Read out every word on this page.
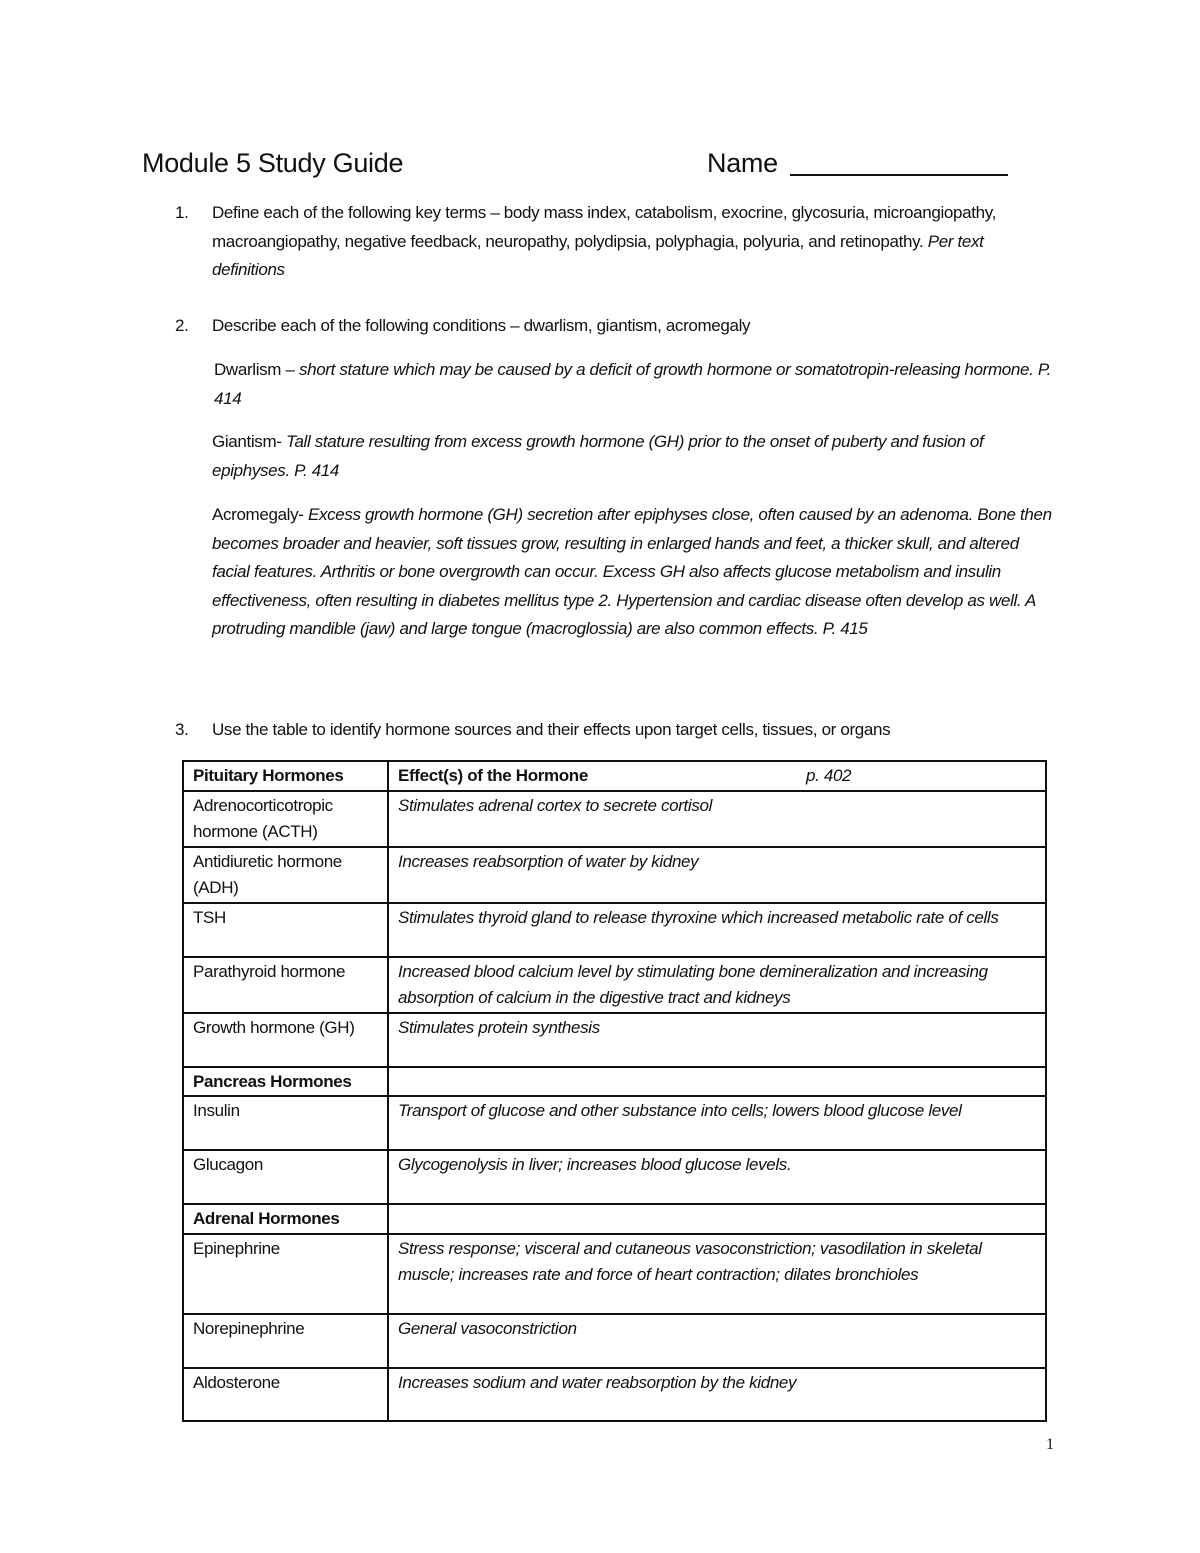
Module 5 Study Guide	Name
1. Define each of the following key terms – body mass index, catabolism, exocrine, glycosuria, microangiopathy, macroangiopathy, negative feedback, neuropathy, polydipsia, polyphagia, polyuria, and retinopathy. Per text definitions
2. Describe each of the following conditions – dwarlism, giantism, acromegaly
Dwarlism – short stature which may be caused by a deficit of growth hormone or somatotropin-releasing hormone. P. 414
Giantism- Tall stature resulting from excess growth hormone (GH) prior to the onset of puberty and fusion of epiphyses. P. 414
Acromegaly- Excess growth hormone (GH) secretion after epiphyses close, often caused by an adenoma. Bone then becomes broader and heavier, soft tissues grow, resulting in enlarged hands and feet, a thicker skull, and altered facial features. Arthritis or bone overgrowth can occur. Excess GH also affects glucose metabolism and insulin effectiveness, often resulting in diabetes mellitus type 2. Hypertension and cardiac disease often develop as well. A protruding mandible (jaw) and large tongue (macroglossia) are also common effects. P. 415
3. Use the table to identify hormone sources and their effects upon target cells, tissues, or organs
Pituitary Hormones	Effect(s) of the Hormone p. 402

Adrenocorticotropic hormone (ACTH)	Stimulates adrenal cortex to secrete cortisol
Antidiuretic hormone (ADH)	Increases reabsorption of water by kidney
TSH	Stimulates thyroid gland to release thyroxine which increased metabolic rate of cells
Parathyroid hormone	Increased blood calcium level by stimulating bone demineralization and increasing absorption of calcium in the digestive tract and kidneys
Growth hormone (GH)	Stimulates protein synthesis
Pancreas Hormones	
Insulin	Transport of glucose and other substance into cells; lowers blood glucose level
Glucagon	Glycogenolysis in liver; increases blood glucose levels.
Adrenal Hormones	
Epinephrine	Stress response; visceral and cutaneous vasoconstriction; vasodilation in skeletal muscle; increases rate and force of heart contraction; dilates bronchioles
Norepinephrine	General vasoconstriction
Aldosterone	Increases sodium and water reabsorption by the kidney
1
